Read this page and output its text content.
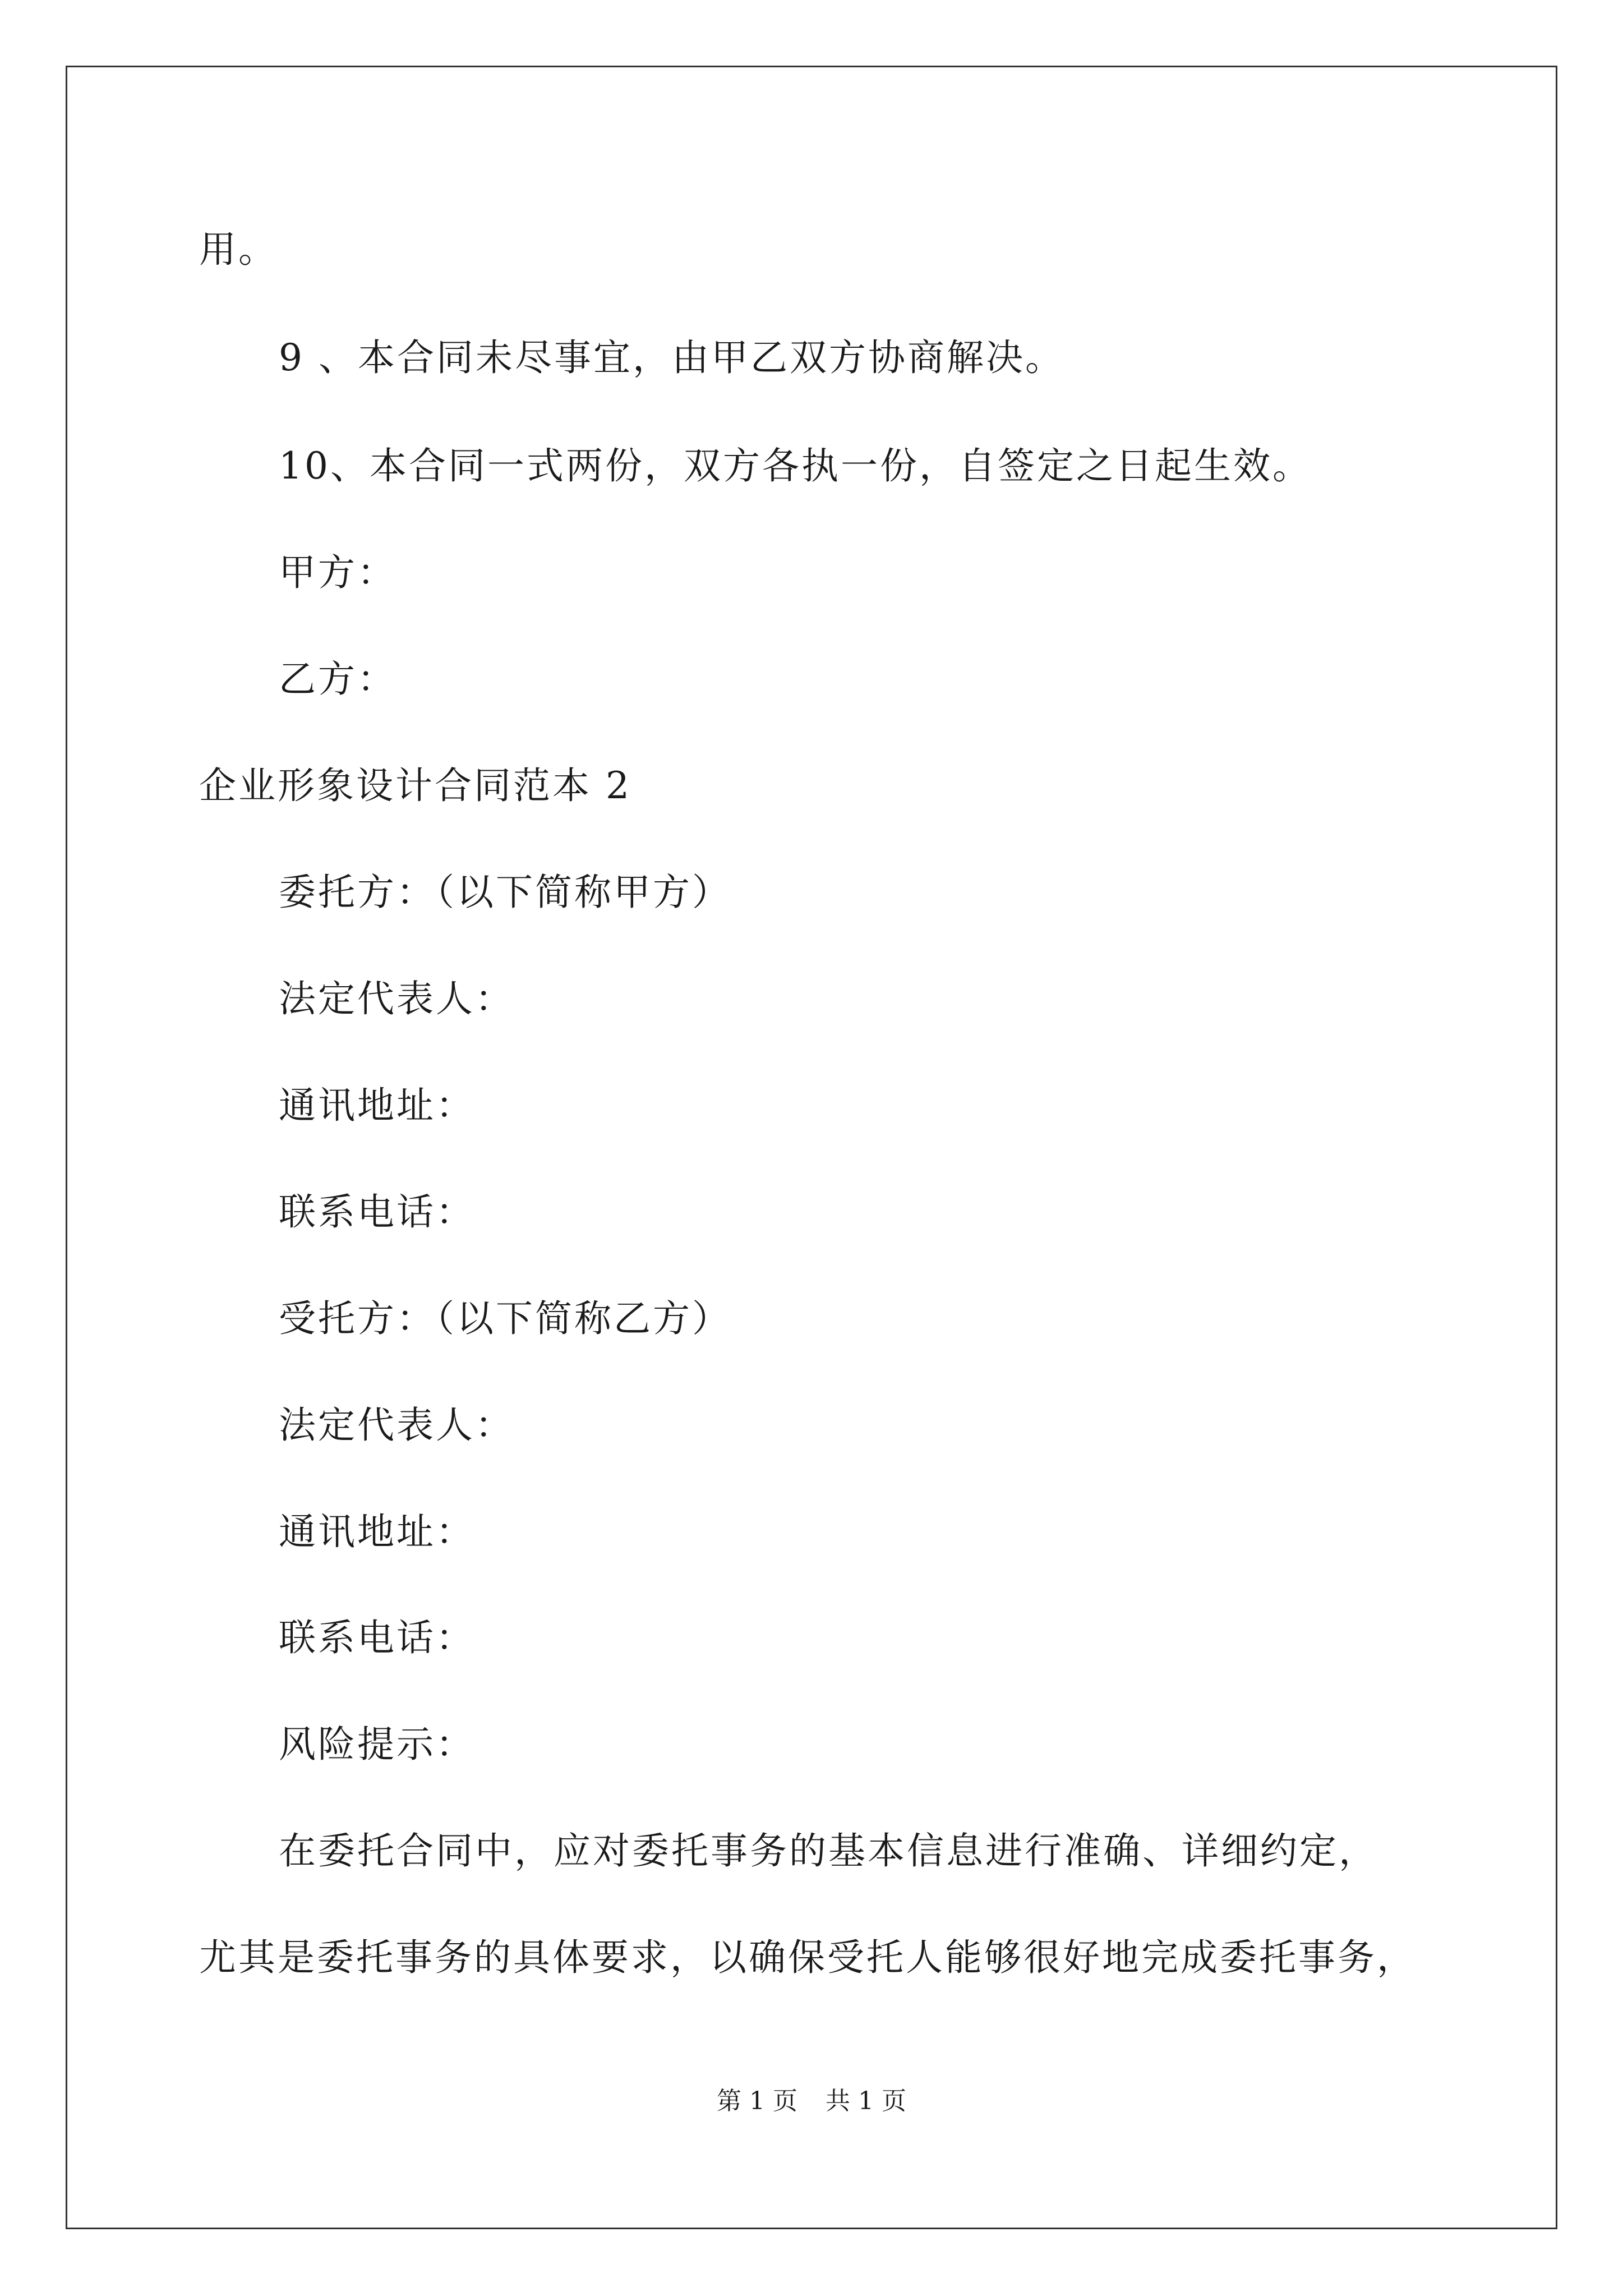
用。
9 、本合同未尽事宜，由甲乙双方协商解决。
10、本合同一式两份，双方各执一份，自签定之日起生效。
甲方：
乙方：
企业形象设计合同范本 2
委托方：（以下简称甲方）
法定代表人：
通讯地址：
联系电话：
受托方：（以下简称乙方）
法定代表人：
通讯地址：
联系电话：
风险提示：
在委托合同中，应对委托事务的基本信息进行准确、详细约定，
尤其是委托事务的具体要求，以确保受托人能够很好地完成委托事务，
第 1 页 共 1 页
